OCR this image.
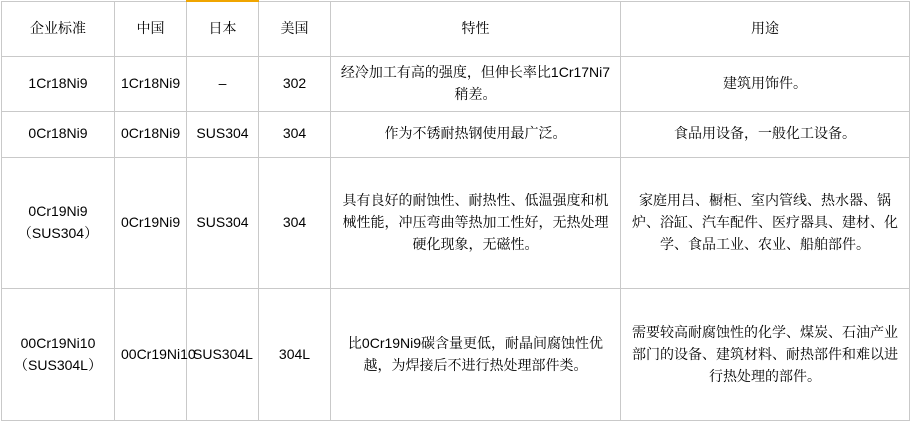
企业标准	中国	日本	美国	特性	用途
1Cr18Ni9	1Cr18Ni9	–	302	经冷加工有高的强度，但伸长率比1Cr17Ni7稍差。	建筑用饰件。
0Cr18Ni9	0Cr18Ni9	SUS304	304	作为不锈耐热钢使用最广泛。	食品用设备，一般化工设备。
0Cr19Ni9（SUS304）	0Cr19Ni9	SUS304	304	具有良好的耐蚀性、耐热性、低温强度和机械性能，冲压弯曲等热加工性好，无热处理硬化现象，无磁性。	家庭用吕、橱柜、室内管线、热水器、锅炉、浴缸、汽车配件、医疗器具、建材、化学、食品工业、农业、船舶部件。
00Cr19Ni10（SUS304L）	00Cr19Ni10	SUS304L	304L	比0Cr19Ni9碳含量更低，耐晶间腐蚀性优越，为焊接后不进行热处理部件类。	需要较高耐腐蚀性的化学、煤炭、石油产业部门的设备、建筑材料、耐热部件和难以进行热处理的部件。
